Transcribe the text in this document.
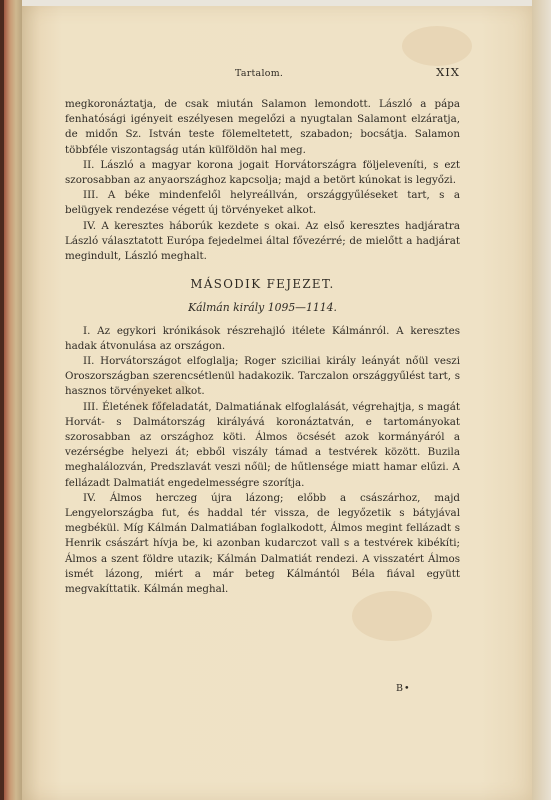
Tartalom.	XIX

megkoronáztatja, de csak miután Salamon lemondott. László a pápa fenhatósági igényeit eszélyesen megelőzi a nyugtalan Salamont elzáratja, de midőn Sz. István teste fölemeltetett, szabadon; bocsátja. Salamon többféle viszontagság után külföldön hal meg.

II. László a magyar korona jogait Horvátországra följeleveníti, s ezt szorosabban az anyaországhoz kapcsolja; majd a betört kúnokat is legyőzi.

III. A béke mindenfelől helyreállván, országgyűléseket tart, s a belügyek rendezése végett új törvényeket alkot.

IV. A keresztes háborúk kezdete s okai. Az első keresztes hadjáratra László választatott Európa fejedelmei által fővezérré; de mielőtt a hadjárat megindult, László meghalt.

MÁSODIK FEJEZET.
Kálmán király 1095—1114.

I. Az egykori krónikások részrehajló itélete Kálmánról. A keresztes hadak átvonulása az országon.

II. Horvátországot elfoglalja; Roger sziciliai király leányát nőül veszi Oroszországban szerencsétlenül hadakozik. Tarczalon országgyűlést tart, s hasznos törvényeket alkot.

III. Életének főfeladatát, Dalmatiának elfoglalását, végrehajtja, s magát Horvát- s Dalmátország királyává koronáztatván, e tartományokat szorosabban az országhoz köti. Álmos öcsését azok kormányáról a vezérségbe helyezi át; ebből viszály támad a testvérek között. Buzila meghalálozván, Predszlavát veszi nőül; de hűtlensége miatt hamar elűzi. A fellázadt Dalmatiát engedelmességre szorítja.

IV. Álmos herczeg újra lázong; előbb a császárhoz, majd Lengyelországba fut, és haddal tér vissza, de legyőzetik s bátyjával megbékül. Míg Kálmán Dalmatiában foglalkodott, Álmos megint fellázadt s Henrik császárt hívja be, ki azonban kudarczot vall s a testvérek kibékíti; Álmos a szent földre utazik; Kálmán Dalmatiát rendezi. A visszatért Álmos ismét lázong, miért a már beteg Kálmántól Béla fiával együtt megvakíttatik. Kálmán meghal.

B•
